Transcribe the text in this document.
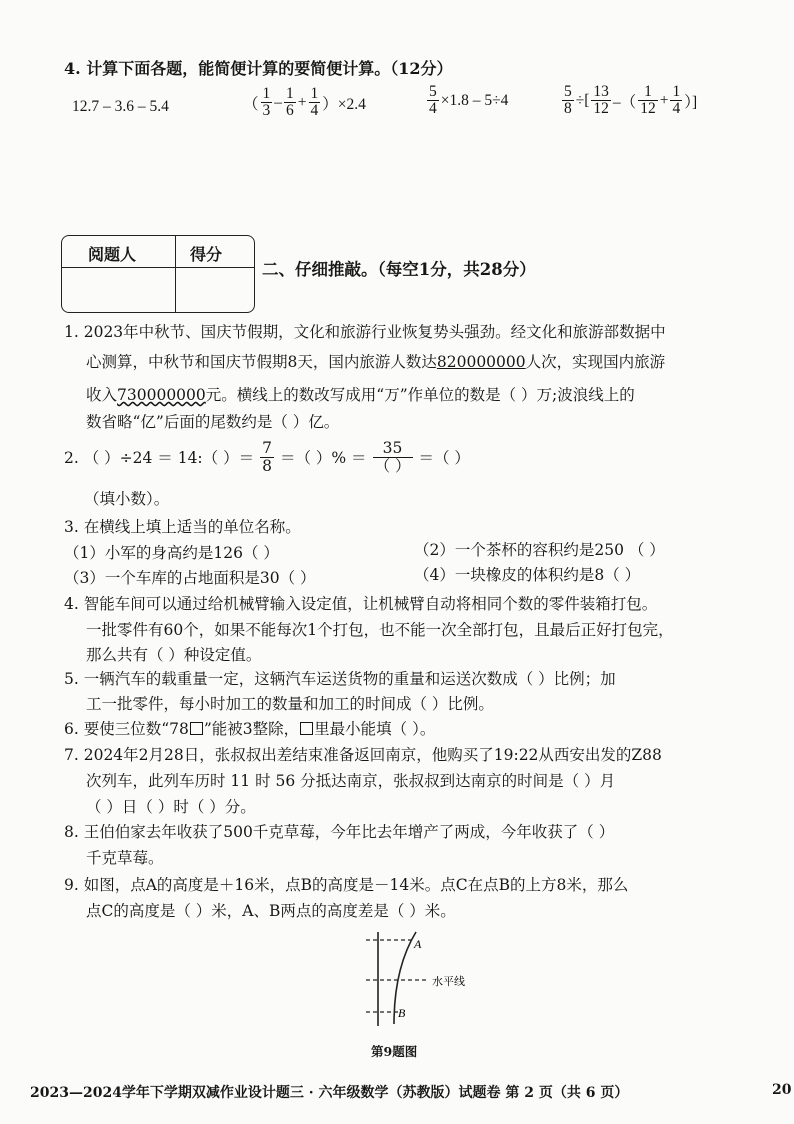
4. 计算下面各题，能简便计算的要简便计算。（12分）
12.7 – 3.6 – 5.4	（ $\frac{1}{3} - \frac{1}{6} + \frac{1}{4} )\times 2.4$	$\frac{5}{4} \times 1.8 - 5\div 4$	$\frac{5}{8}$ ÷[ $\frac{13}{12}$ –（ $\frac{1}{12} + \frac{1}{4}$ ）]
阅题人	得分
二、仔细推敲。（每空1分，共28分）
1. 2023年中秋节、国庆节假期，文化和旅游行业恢复势头强劲。经文化和旅游部数据中
心测算，中秋节和国庆节假期8天，国内旅游人数达820000000人次，实现国内旅游
收入730000000元。横线上的数改写成用“万”作单位的数是（ ）万;波浪线上的
数省略“亿”后面的尾数约是（ ）亿。
2. （ ）÷24 ＝ 14:（ ）＝ $\frac{7}{8}$ ＝（ ）% ＝ $\frac{35}{( )}$ ＝（ ）
（填小数）。
3. 在横线上填上适当的单位名称。
（1）小军的身高约是126（ ）	（2）一个茶杯的容积约是250 （ ）
（3）一个车库的占地面积是30（ ）	（4）一块橡皮的体积约是8（ ）
4. 智能车间可以通过给机械臂输入设定值，让机械臂自动将相同个数的零件装箱打包。
一批零件有60个，如果不能每次1个打包，也不能一次全部打包，且最后正好打包完，
那么共有（ ）种设定值。
5. 一辆汽车的载重量一定，这辆汽车运送货物的重量和运送次数成（ ）比例；加
工一批零件，每小时加工的数量和加工的时间成（ ）比例。
6. 要使三位数“78 ”能被3整除， 里最小能填（ ）。
7. 2024年2月28日，张叔叔出差结束准备返回南京，他购买了19:22从西安出发的Z88
次列车，此列车历时 11 时 56 分抵达南京，张叔叔到达南京的时间是（ ）月
（ ）日（ ）时（ ）分。
8. 王伯伯家去年收获了500千克草莓，今年比去年增产了两成，今年收获了（ ）
千克草莓。
9. 如图，点A的高度是＋16米，点B的高度是－14米。点C在点B的上方8米，那么
点C的高度是（ ）米，A、B两点的高度差是（ ）米。
A
B
水平线
第9题图
2023—2024学年下学期双减作业设计题三 · 六年级数学（苏教版）试题卷 第 2 页（共 6 页）	20
